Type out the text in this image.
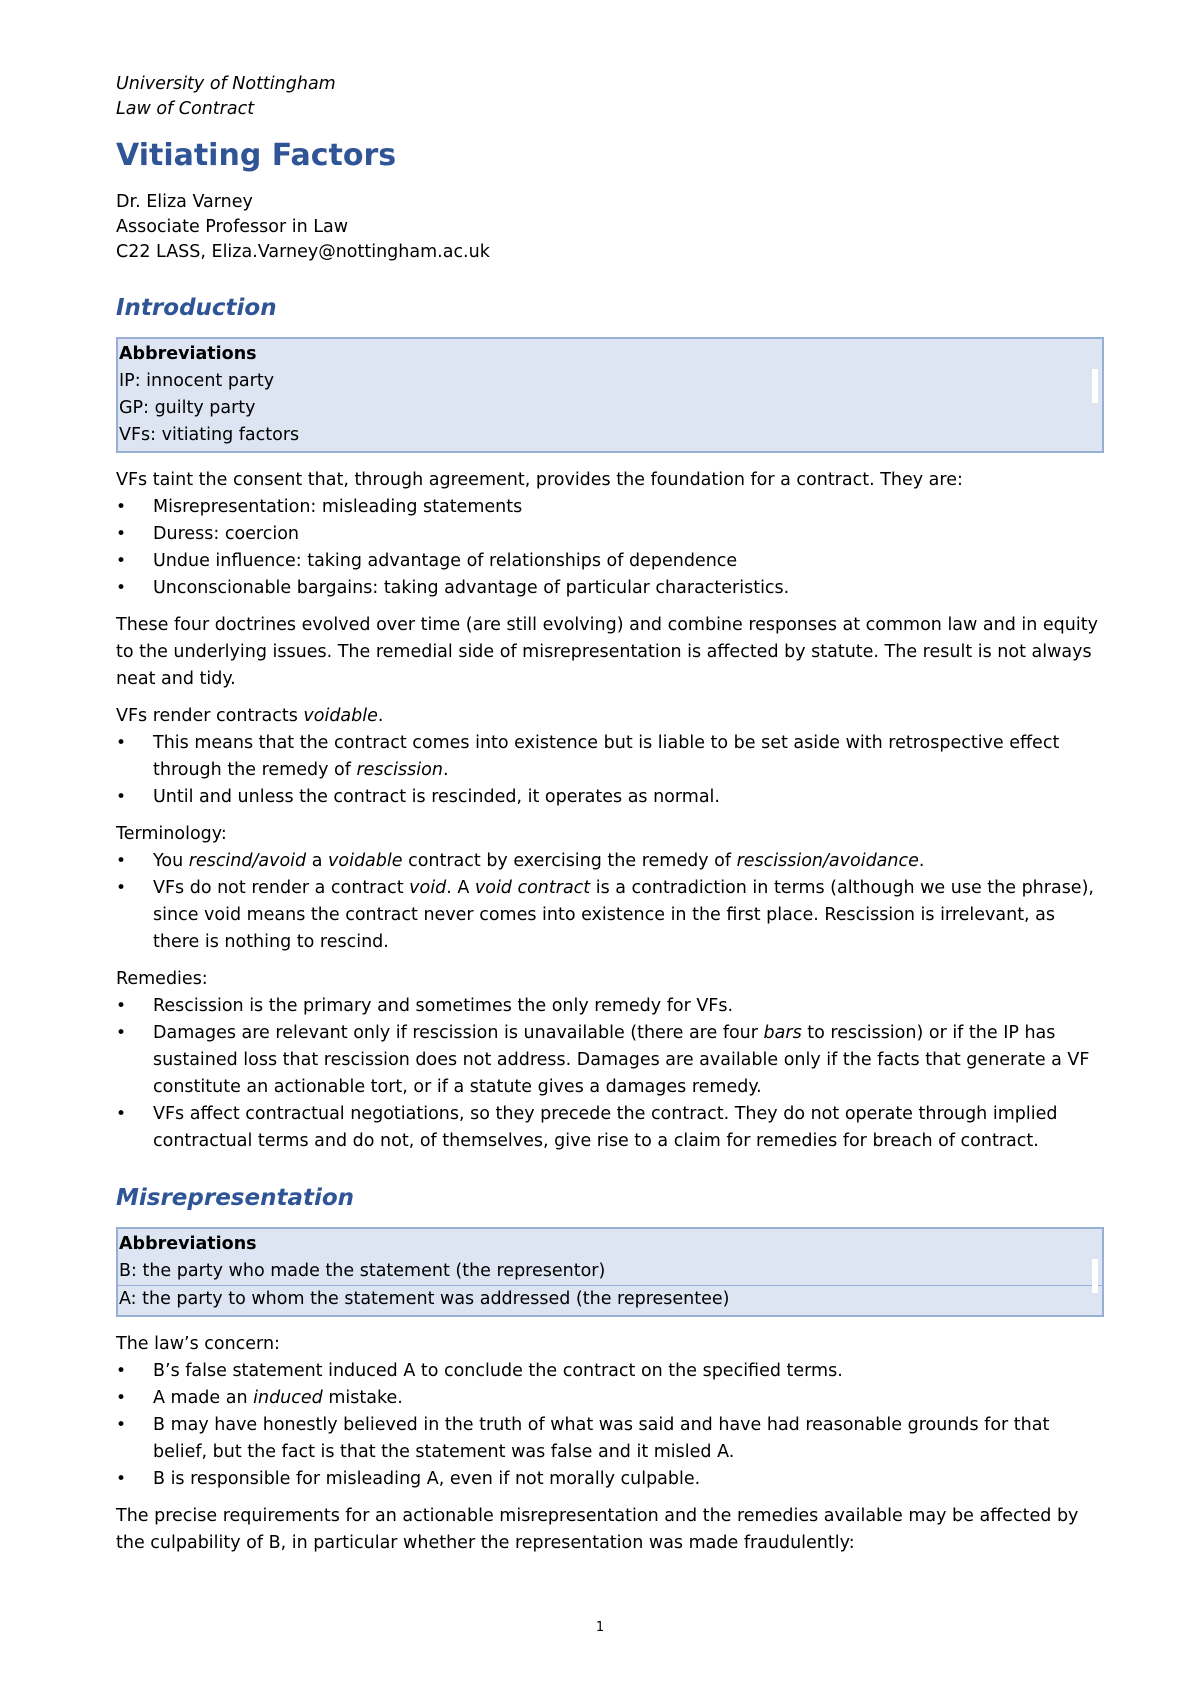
University of Nottingham
Law of Contract
Vitiating Factors
Dr. Eliza Varney
Associate Professor in Law
C22 LASS, Eliza.Varney@nottingham.ac.uk
Introduction
Abbreviations
IP: innocent party
GP: guilty party
VFs: vitiating factors

VFs taint the consent that, through agreement, provides the foundation for a contract. They are:

• Misrepresentation: misleading statements
• Duress: coercion
• Undue influence: taking advantage of relationships of dependence
• Unconscionable bargains: taking advantage of particular characteristics.

These four doctrines evolved over time (are still evolving) and combine responses at common law and in equity to the underlying issues. The remedial side of misrepresentation is affected by statute. The result is not always neat and tidy.

VFs render contracts voidable.

• This means that the contract comes into existence but is liable to be set aside with retrospective effect through the remedy of rescission.
• Until and unless the contract is rescinded, it operates as normal.

Terminology:

• You rescind/avoid a voidable contract by exercising the remedy of rescission/avoidance.
• VFs do not render a contract void. A void contract is a contradiction in terms (although we use the phrase), since void means the contract never comes into existence in the first place. Rescission is irrelevant, as there is nothing to rescind.

Remedies:

• Rescission is the primary and sometimes the only remedy for VFs.
• Damages are relevant only if rescission is unavailable (there are four bars to rescission) or if the IP has sustained loss that rescission does not address. Damages are available only if the facts that generate a VF constitute an actionable tort, or if a statute gives a damages remedy.
• VFs affect contractual negotiations, so they precede the contract. They do not operate through implied contractual terms and do not, of themselves, give rise to a claim for remedies for breach of contract.
Misrepresentation
Abbreviations
B: the party who made the statement (the representor)
A: the party to whom the statement was addressed (the representee)

The law’s concern:

• B’s false statement induced A to conclude the contract on the specified terms.
• A made an induced mistake.
• B may have honestly believed in the truth of what was said and have had reasonable grounds for that belief, but the fact is that the statement was false and it misled A.
• B is responsible for misleading A, even if not morally culpable.

The precise requirements for an actionable misrepresentation and the remedies available may be affected by the culpability of B, in particular whether the representation was made fraudulently:

1
